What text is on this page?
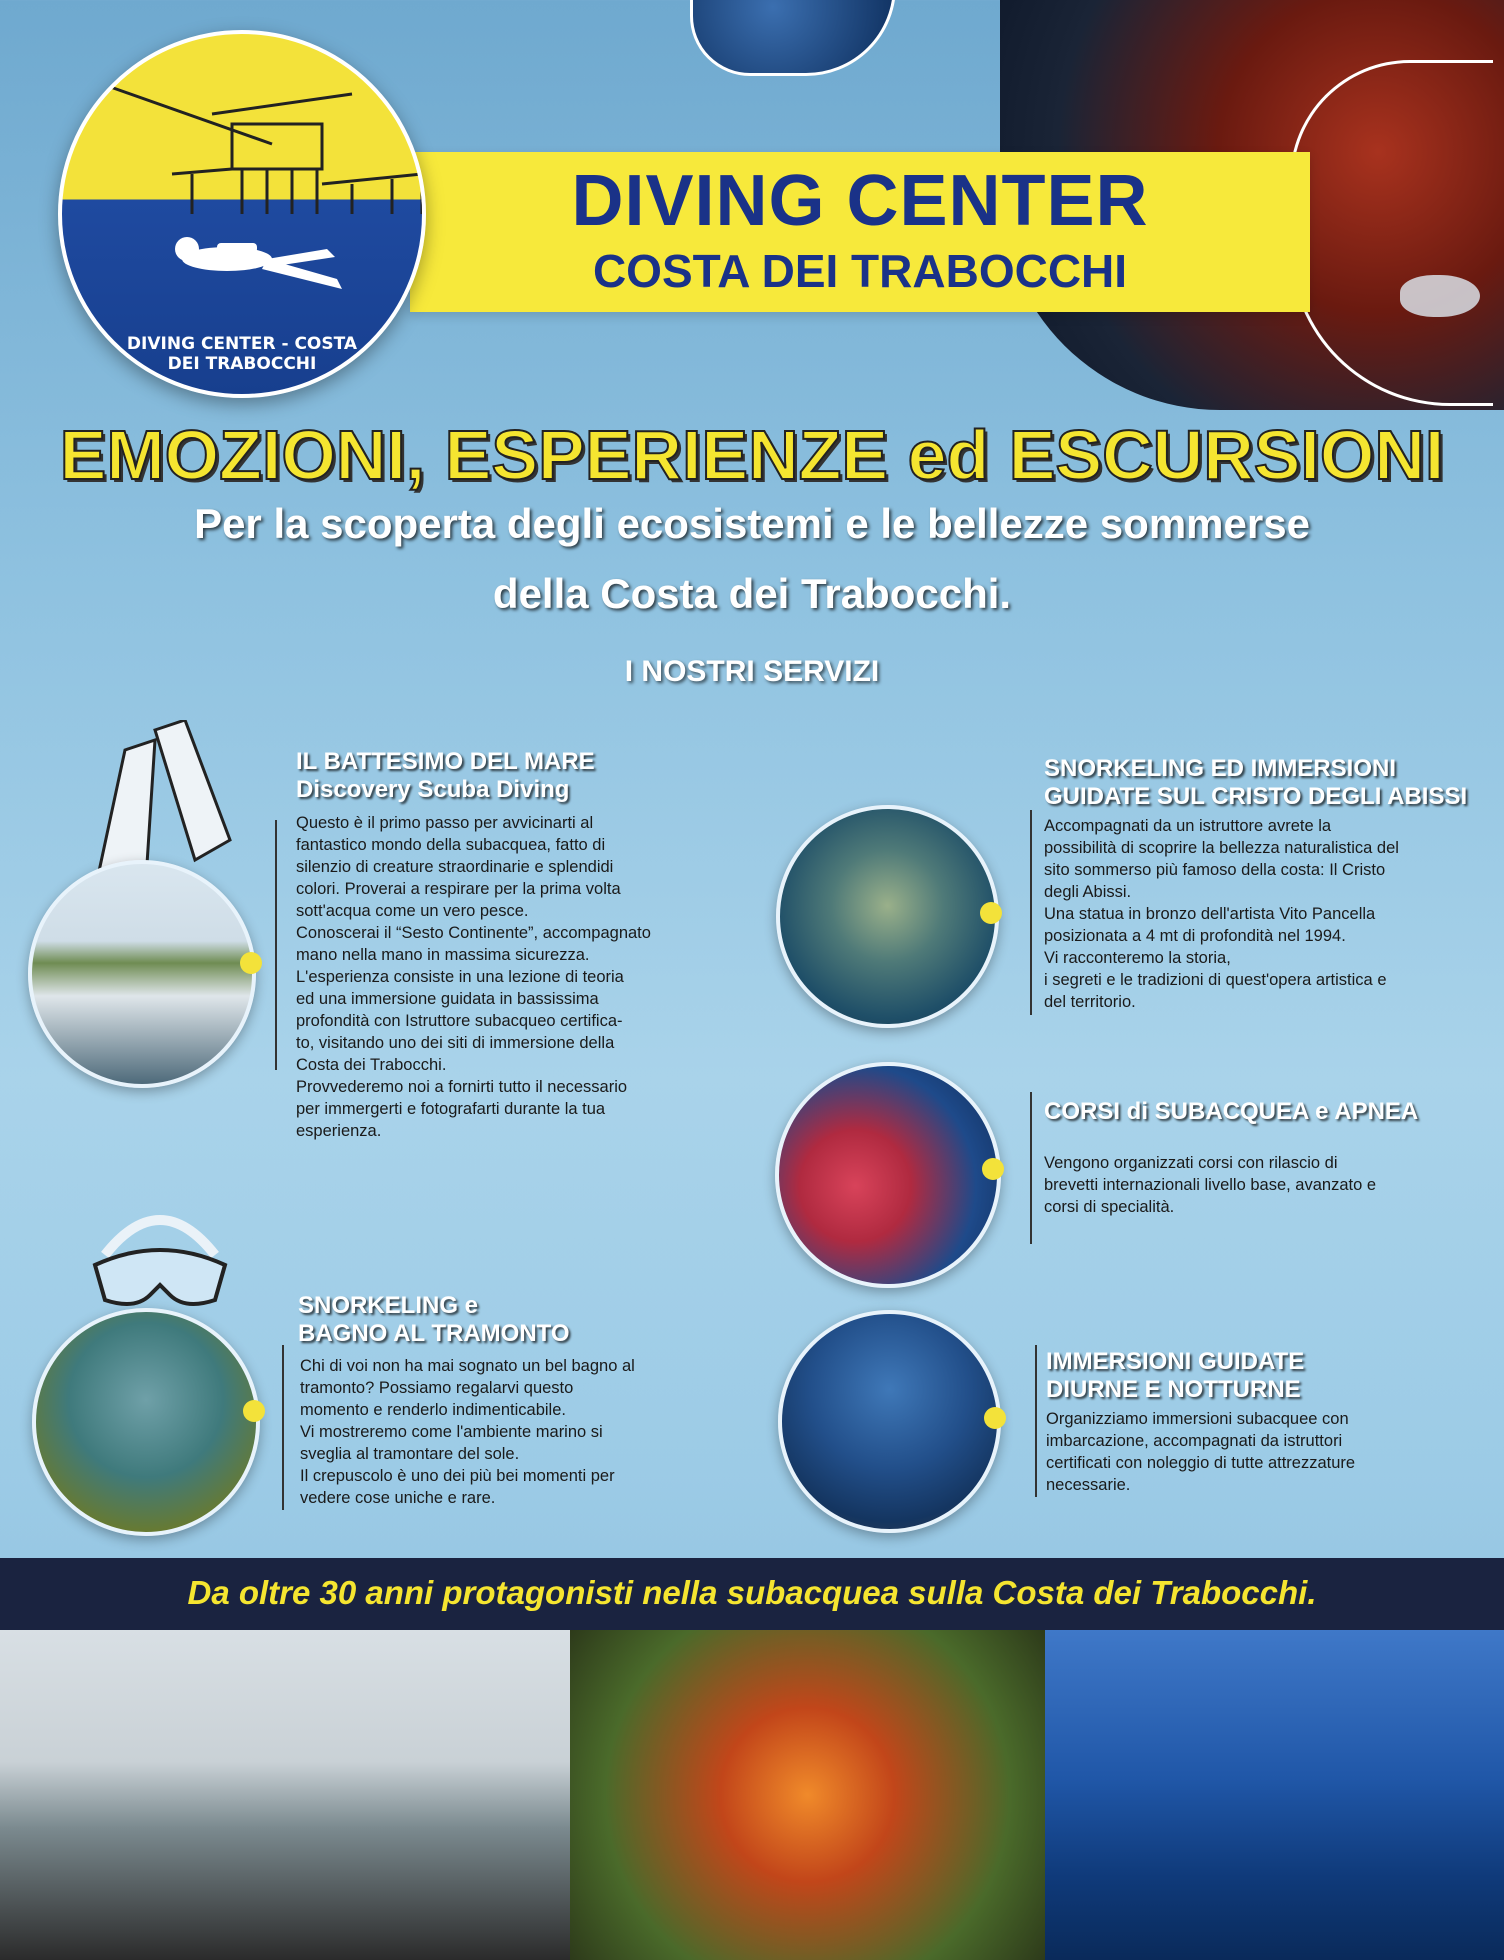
DIVING CENTER
COSTA DEI TRABOCCHI
DIVING CENTER - COSTA DEI TRABOCCHI
EMOZIONI, ESPERIENZE ed ESCURSIONI
Per la scoperta degli ecosistemi e le bellezze sommerse
della Costa dei Trabocchi.
I NOSTRI SERVIZI
IL BATTESIMO DEL MARE
Discovery Scuba Diving

Questo è il primo passo per avvicinarti al

fantastico mondo della subacquea, fatto di

silenzio di creature straordinarie e splendidi

colori. Proverai a respirare per la prima volta

sott'acqua come un vero pesce.

Conoscerai il “Sesto Continente”, accompagnato

mano nella mano in massima sicurezza.

L'esperienza consiste in una lezione di teoria

ed una immersione guidata in bassissima

profondità con Istruttore subacqueo certifica-

to, visitando uno dei siti di immersione della

Costa dei Trabocchi.

Provvederemo noi a fornirti tutto il necessario

per immergerti e fotografarti durante la tua

esperienza.

SNORKELING e
BAGNO AL TRAMONTO

Chi di voi non ha mai sognato un bel bagno al

tramonto? Possiamo regalarvi questo

momento e renderlo indimenticabile.

Vi mostreremo come l'ambiente marino si

sveglia al tramontare del sole.

Il crepuscolo è uno dei più bei momenti per

vedere cose uniche e rare.

SNORKELING ED IMMERSIONI
GUIDATE SUL CRISTO DEGLI ABISSI

Accompagnati da un istruttore avrete la

possibilità di scoprire la bellezza naturalistica del

sito sommerso più famoso della costa: Il Cristo

degli Abissi.

Una statua in bronzo dell'artista Vito Pancella

posizionata a 4 mt di profondità nel 1994.

Vi racconteremo la storia,

i segreti e le tradizioni di quest'opera artistica e

del territorio.

CORSI di SUBACQUEA e APNEA

Vengono organizzati corsi con rilascio di

brevetti internazionali livello base, avanzato e

corsi di specialità.

IMMERSIONI GUIDATE
DIURNE E NOTTURNE

Organizziamo immersioni subacquee con

imbarcazione, accompagnati da istruttori

certificati con noleggio di tutte attrezzature

necessarie.

Da oltre 30 anni protagonisti nella subacquea sulla Costa dei Trabocchi.
